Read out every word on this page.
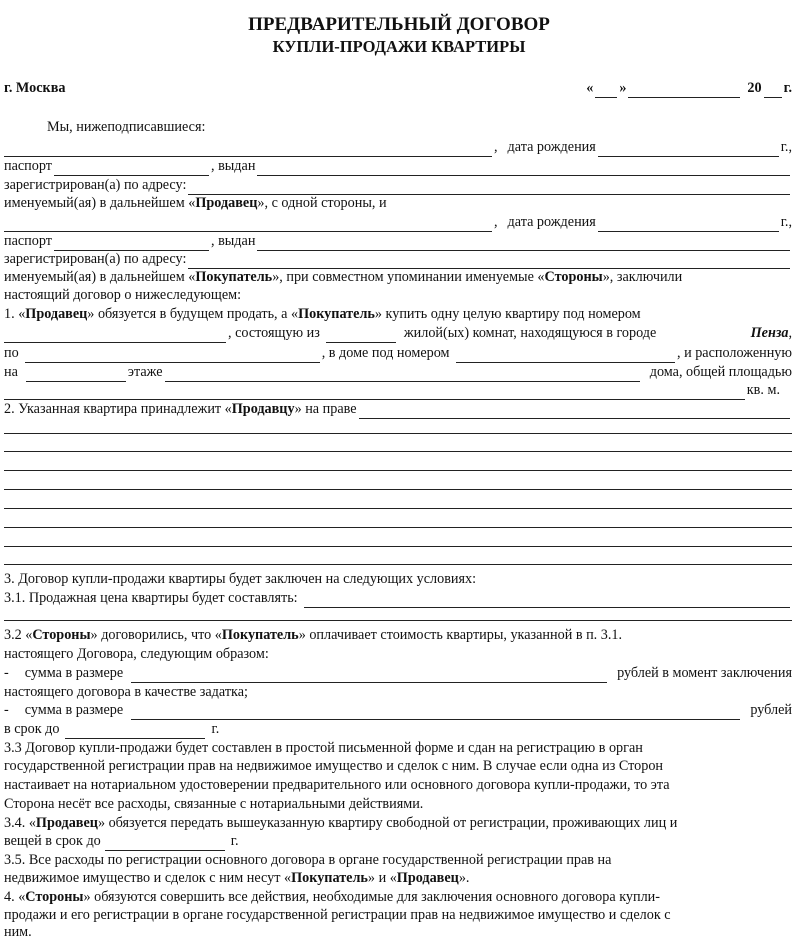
ПРЕДВАРИТЕЛЬНЫЙ ДОГОВОР
КУПЛИ-ПРОДАЖИ КВАРТИРЫ
г. Москва	« »	20 г.
Мы, нижеподписавшиеся:
, дата рождения	г.,
паспорт	, выдан
зарегистрирован(а) по адресу:
именуемый(ая) в дальнейшем « Продавец », с одной стороны, и
, дата рождения	г.,
паспорт	, выдан
зарегистрирован(а) по адресу:
именуемый(ая) в дальнейшем « Покупатель », при совместном упоминании именуемые « Стороны », заключили
настоящий договор о нижеследующем:
1. «Продавец» обязуется в будущем продать, а «Покупатель» купить одну целую квартиру под номером
, состоящую из	жилой(ых) комнат, находящуюся в городе	Пенза ,
по	, в доме под номером	, и расположенную
на	этаже	дома, общей площадью
кв. м.
2. Указанная квартира принадлежит «Продавцу» на праве
3. Договор купли-продажи квартиры будет заключен на следующих условиях:
3.1. Продажная цена квартиры будет составлять:
3.2 «Стороны» договорились, что «Покупатель» оплачивает стоимость квартиры, указанной в п. 3.1.
настоящего Договора, следующим образом:
- сумма в размере	рублей в момент заключения
настоящего договора в качестве задатка;
- сумма в размере	рублей
в срок до	г.
3.3 Договор купли-продажи будет составлен в простой письменной форме и сдан на регистрацию в орган
государственной регистрации прав на недвижимое имущество и сделок с ним. В случае если одна из Сторон
настаивает на нотариальном удостоверении предварительного или основного договора купли-продажи, то эта
Сторона несёт все расходы, связанные с нотариальными действиями.
3.4. «Продавец» обязуется передать вышеуказанную квартиру свободной от регистрации, проживающих лиц и
вещей в срок до	г.
3.5. Все расходы по регистрации основного договора в органе государственной регистрации прав на
недвижимое имущество и сделок с ним несут «Покупатель» и «Продавец».
4. «Стороны» обязуются совершить все действия, необходимые для заключения основного договора купли-
продажи и его регистрации в органе государственной регистрации прав на недвижимое имущество и сделок с
ним.
